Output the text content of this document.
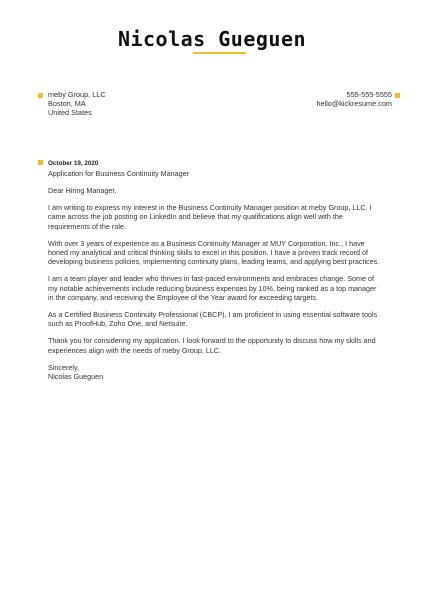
Nicolas Gueguen
meby Group, LLC
Boston, MA
United States
555-555-5555
hello@kickresume.com
October 19, 2020
Application for Business Continuity Manager

Dear Hiring Manager,

I am writing to express my interest in the Business Continuity Manager position at meby Group, LLC. I came across the job posting on LinkedIn and believe that my qualifications align well with the requirements of the role.

With over 3 years of experience as a Business Continuity Manager at MUY Corporation, Inc., I have honed my analytical and critical thinking skills to excel in this position. I have a proven track record of developing business policies, implementing continuity plans, leading teams, and applying best practices.

I am a team player and leader who thrives in fast-paced environments and embraces change. Some of my notable achievements include reducing business expenses by 10%, being ranked as a top manager in the company, and receiving the Employee of the Year award for exceeding targets.

As a Certified Business Continuity Professional (CBCP), I am proficient in using essential software tools such as ProofHub, Zoho One, and Netsuite.

Thank you for considering my application. I look forward to the opportunity to discuss how my skills and experiences align with the needs of meby Group, LLC.

Sincerely,

Nicolas Gueguen
